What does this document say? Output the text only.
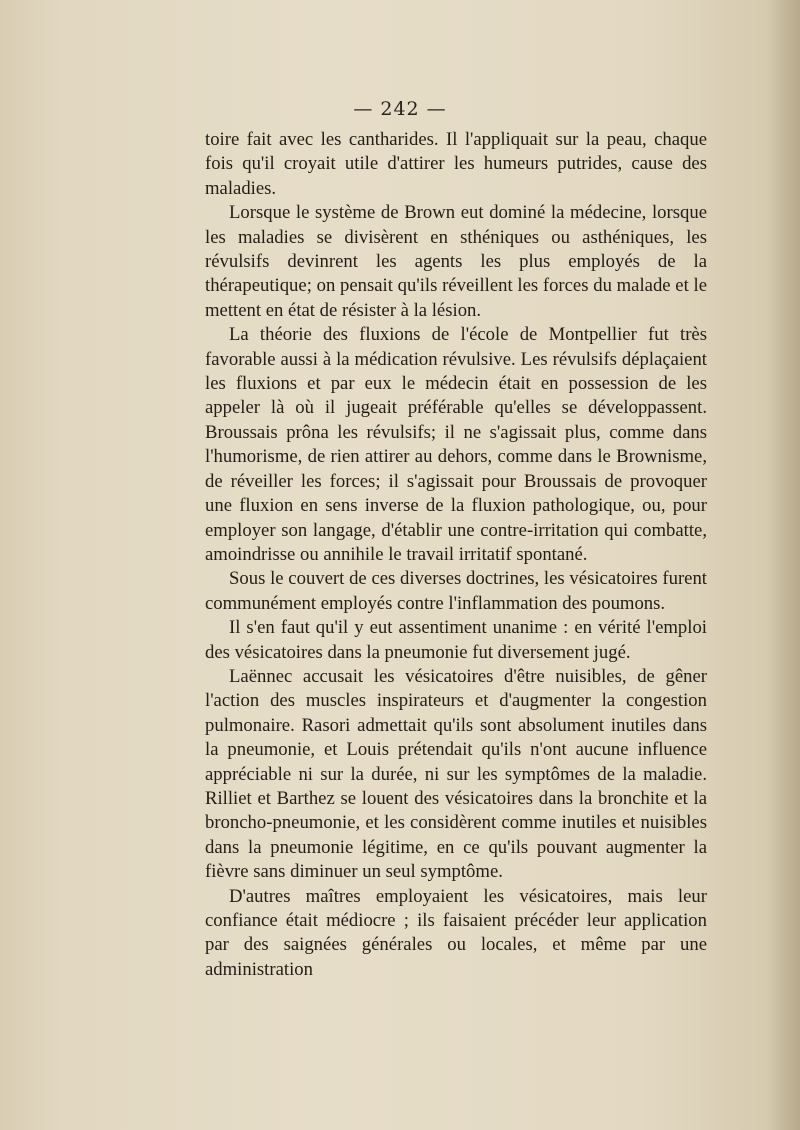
— 242 —

toire fait avec les cantharides. Il l'appliquait sur la peau, chaque fois qu'il croyait utile d'attirer les humeurs putrides, cause des maladies.

Lorsque le système de Brown eut dominé la médecine, lorsque les maladies se divisèrent en sthéniques ou asthéniques, les révulsifs devinrent les agents les plus employés de la thérapeutique; on pensait qu'ils réveillent les forces du malade et le mettent en état de résister à la lésion.

La théorie des fluxions de l'école de Montpellier fut très favorable aussi à la médication révulsive. Les révulsifs déplaçaient les fluxions et par eux le médecin était en possession de les appeler là où il jugeait préférable qu'elles se développassent. Broussais prôna les révulsifs; il ne s'agissait plus, comme dans l'humorisme, de rien attirer au dehors, comme dans le Brownisme, de réveiller les forces; il s'agissait pour Broussais de provoquer une fluxion en sens inverse de la fluxion pathologique, ou, pour employer son langage, d'établir une contre-irritation qui combatte, amoindrisse ou annihile le travail irritatif spontané.

Sous le couvert de ces diverses doctrines, les vésicatoires furent communément employés contre l'inflammation des poumons.

Il s'en faut qu'il y eut assentiment unanime : en vérité l'emploi des vésicatoires dans la pneumonie fut diversement jugé.

Laënnec accusait les vésicatoires d'être nuisibles, de gêner l'action des muscles inspirateurs et d'augmenter la congestion pulmonaire. Rasori admettait qu'ils sont absolument inutiles dans la pneumonie, et Louis prétendait qu'ils n'ont aucune influence appréciable ni sur la durée, ni sur les symptômes de la maladie. Rilliet et Barthez se louent des vésicatoires dans la bronchite et la broncho-pneumonie, et les considèrent comme inutiles et nuisibles dans la pneumonie légitime, en ce qu'ils pouvant augmenter la fièvre sans diminuer un seul symptôme.

D'autres maîtres employaient les vésicatoires, mais leur confiance était médiocre ; ils faisaient précéder leur application par des saignées générales ou locales, et même par une administration
